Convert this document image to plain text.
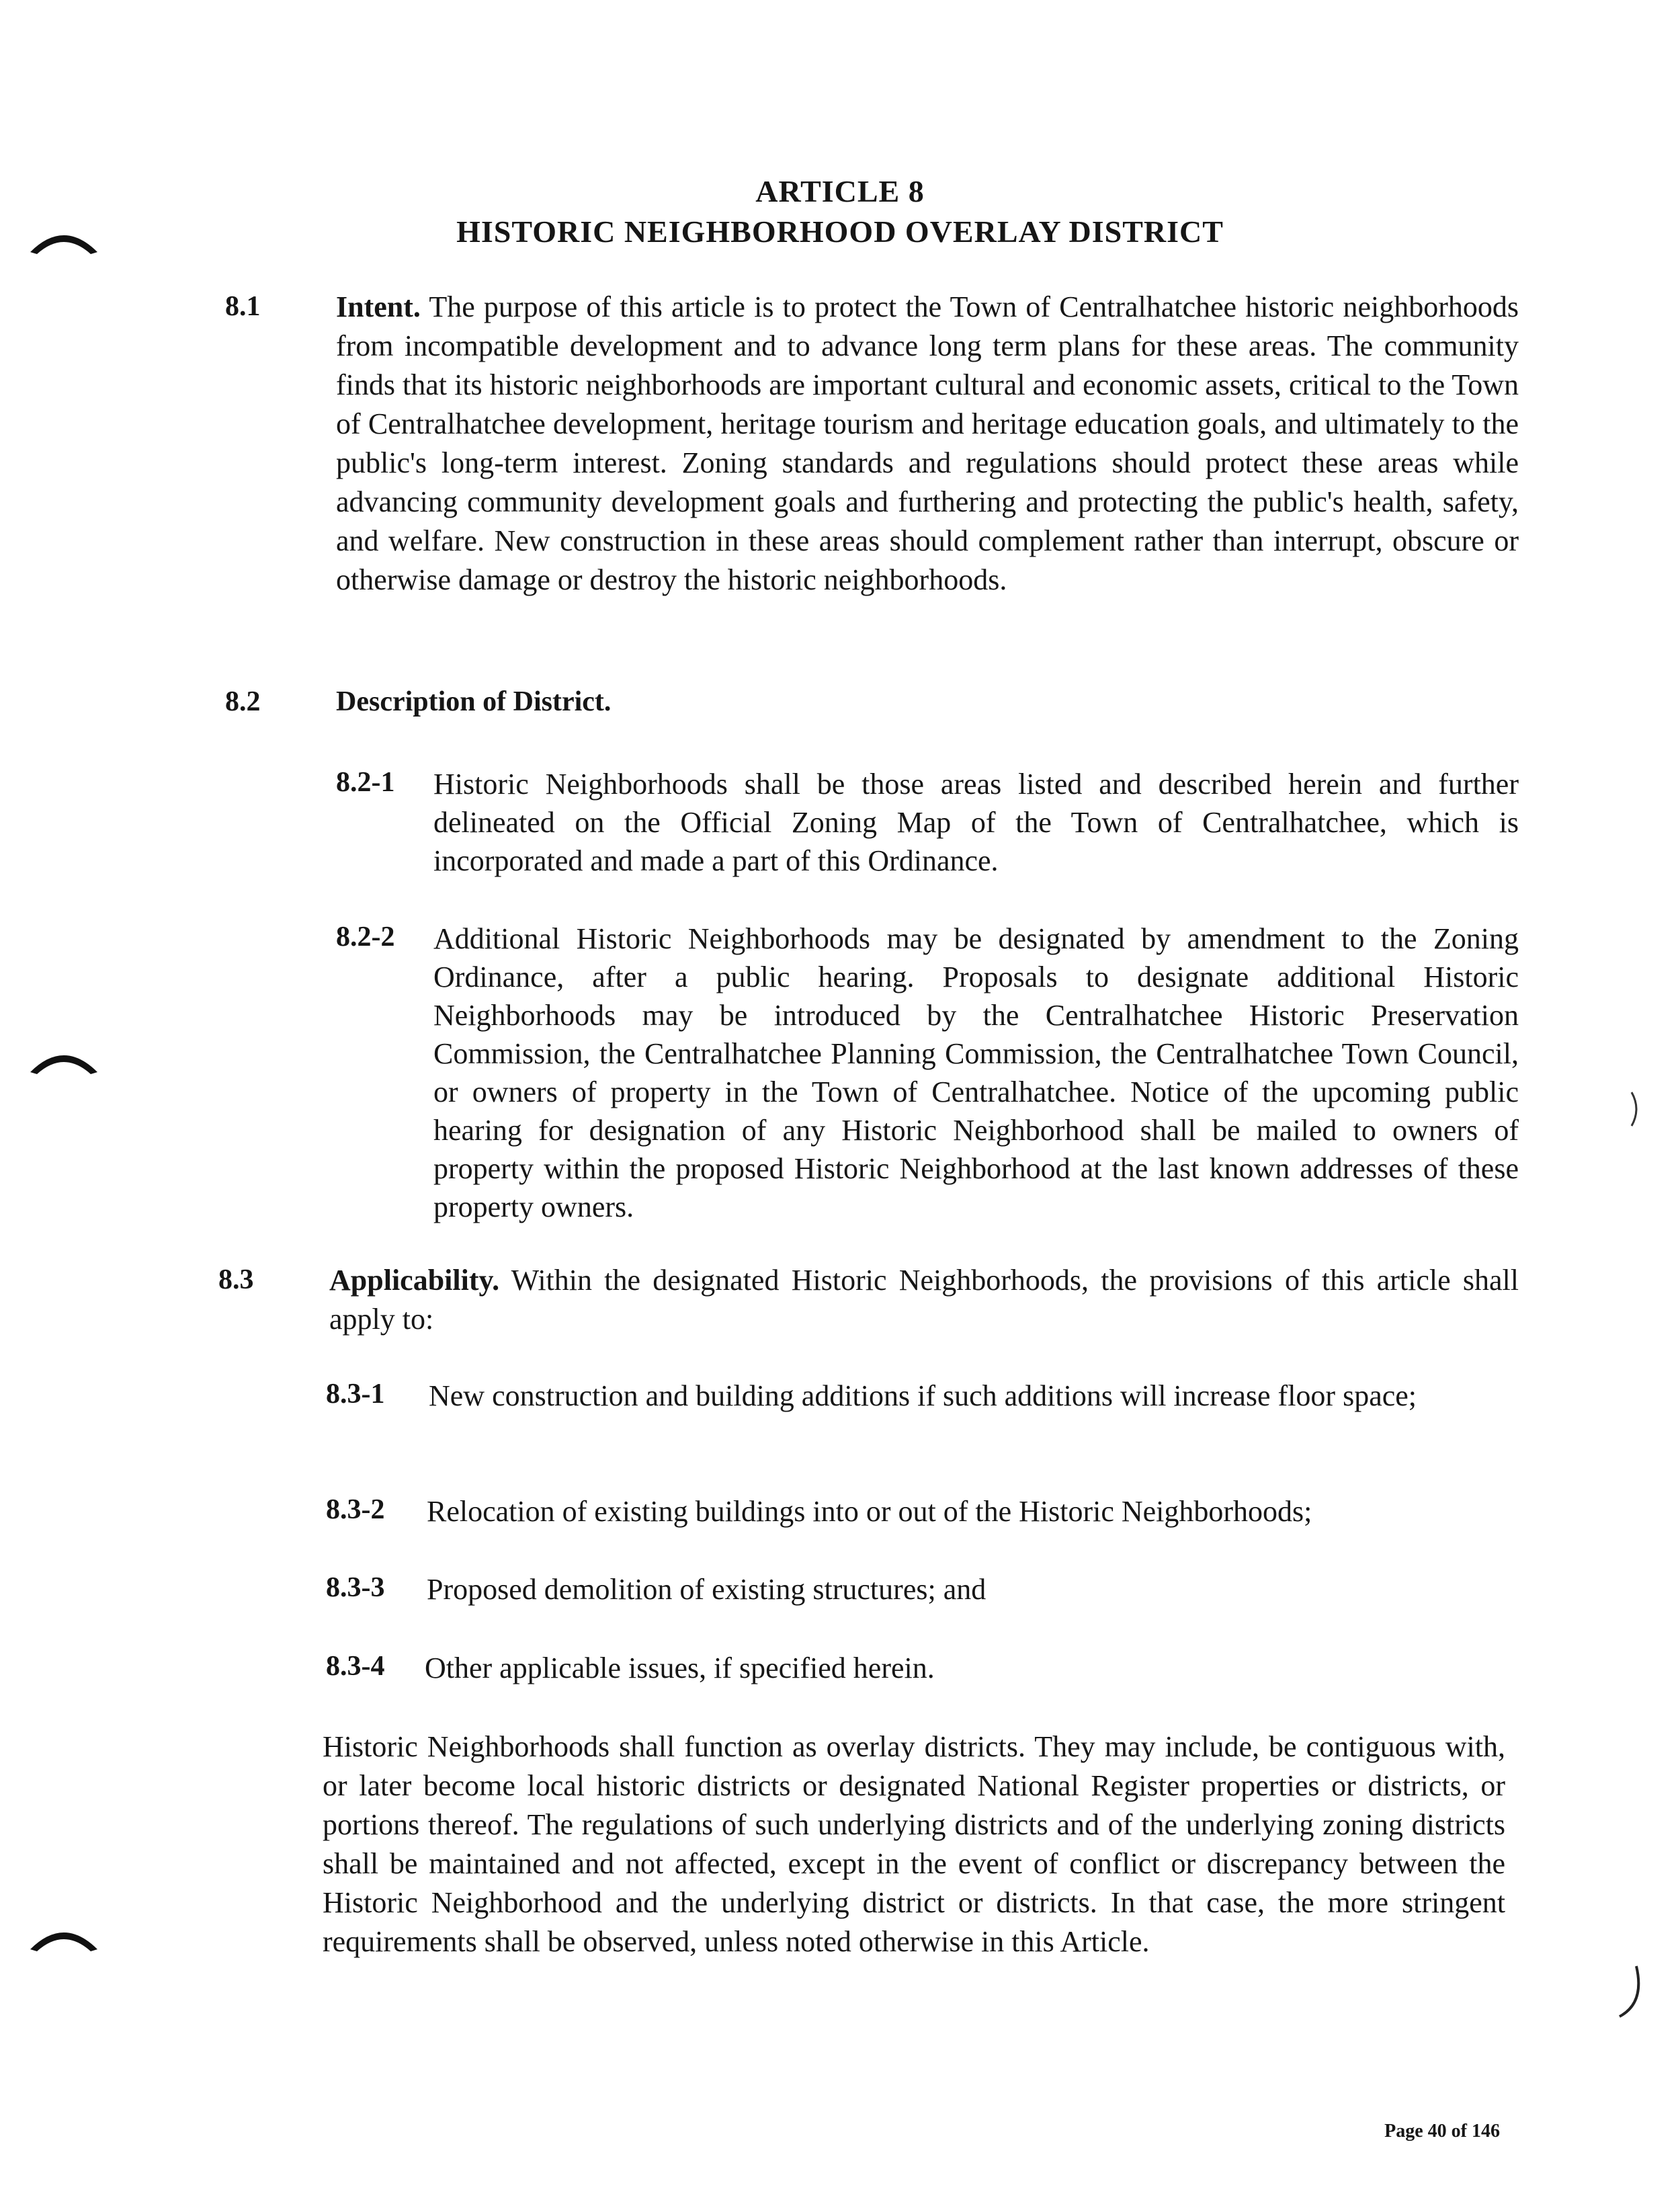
ARTICLE 8
HISTORIC NEIGHBORHOOD OVERLAY DISTRICT
8.1	Intent. The purpose of this article is to protect the Town of Centralhatchee historic neighborhoods from incompatible development and to advance long term plans for these areas. The community finds that its historic neighborhoods are important cultural and economic assets, critical to the Town of Centralhatchee development, heritage tourism and heritage education goals, and ultimately to the public's long-term interest. Zoning standards and regulations should protect these areas while advancing community development goals and furthering and protecting the public's health, safety, and welfare. New construction in these areas should complement rather than interrupt, obscure or otherwise damage or destroy the historic neighborhoods.
8.2	Description of District.
8.2-1 Historic Neighborhoods shall be those areas listed and described herein and further delineated on the Official Zoning Map of the Town of Centralhatchee, which is incorporated and made a part of this Ordinance.
8.2-2 Additional Historic Neighborhoods may be designated by amendment to the Zoning Ordinance, after a public hearing. Proposals to designate additional Historic Neighborhoods may be introduced by the Centralhatchee Historic Preservation Commission, the Centralhatchee Planning Commission, the Centralhatchee Town Council, or owners of property in the Town of Centralhatchee. Notice of the upcoming public hearing for designation of any Historic Neighborhood shall be mailed to owners of property within the proposed Historic Neighborhood at the last known addresses of these property owners.
8.3	Applicability. Within the designated Historic Neighborhoods, the provisions of this article shall apply to:
8.3-1 New construction and building additions if such additions will increase floor space;
8.3-2 Relocation of existing buildings into or out of the Historic Neighborhoods;
8.3-3 Proposed demolition of existing structures; and
8.3-4 Other applicable issues, if specified herein.
Historic Neighborhoods shall function as overlay districts. They may include, be contiguous with, or later become local historic districts or designated National Register properties or districts, or portions thereof. The regulations of such underlying districts and of the underlying zoning districts shall be maintained and not affected, except in the event of conflict or discrepancy between the Historic Neighborhood and the underlying district or districts. In that case, the more stringent requirements shall be observed, unless noted otherwise in this Article.
Page 40 of 146
